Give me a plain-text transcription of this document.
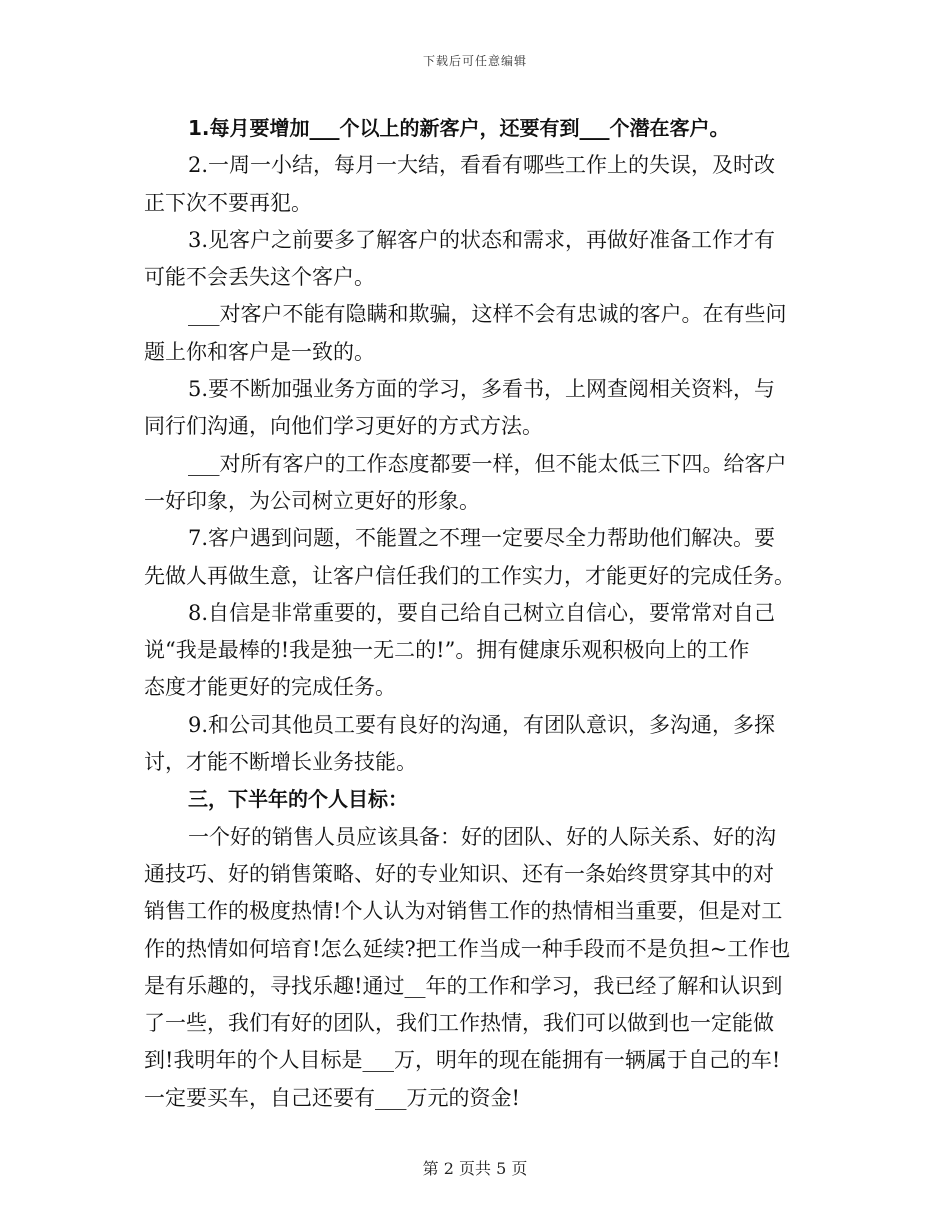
下载后可任意编辑
1.每月要增加___个以上的新客户，还要有到___个潜在客户。
2.一周一小结，每月一大结，看看有哪些工作上的失误，及时改
正下次不要再犯。
3.见客户之前要多了解客户的状态和需求，再做好准备工作才有
可能不会丢失这个客户。
___对客户不能有隐瞒和欺骗，这样不会有忠诚的客户。在有些问
题上你和客户是一致的。
5.要不断加强业务方面的学习，多看书，上网查阅相关资料，与
同行们沟通，向他们学习更好的方式方法。
___对所有客户的工作态度都要一样，但不能太低三下四。给客户
一好印象，为公司树立更好的形象。
7.客户遇到问题，不能置之不理一定要尽全力帮助他们解决。要
先做人再做生意，让客户信任我们的工作实力，才能更好的完成任务。
8.自信是非常重要的，要自己给自己树立自信心，要常常对自己
说“我是最棒的!我是独一无二的!”。拥有健康乐观积极向上的工作
态度才能更好的完成任务。
9.和公司其他员工要有良好的沟通，有团队意识，多沟通，多探
讨，才能不断增长业务技能。
三，下半年的个人目标：
一个好的销售人员应该具备：好的团队、好的人际关系、好的沟
通技巧、好的销售策略、好的专业知识、还有一条始终贯穿其中的对
销售工作的极度热情!个人认为对销售工作的热情相当重要，但是对工
作的热情如何培育!怎么延续?把工作当成一种手段而不是负担~工作也
是有乐趣的，寻找乐趣!通过__年的工作和学习，我已经了解和认识到
了一些，我们有好的团队，我们工作热情，我们可以做到也一定能做
到!我明年的个人目标是___万，明年的现在能拥有一辆属于自己的车!
一定要买车，自己还要有___万元的资金!
第 2 页共 5 页
